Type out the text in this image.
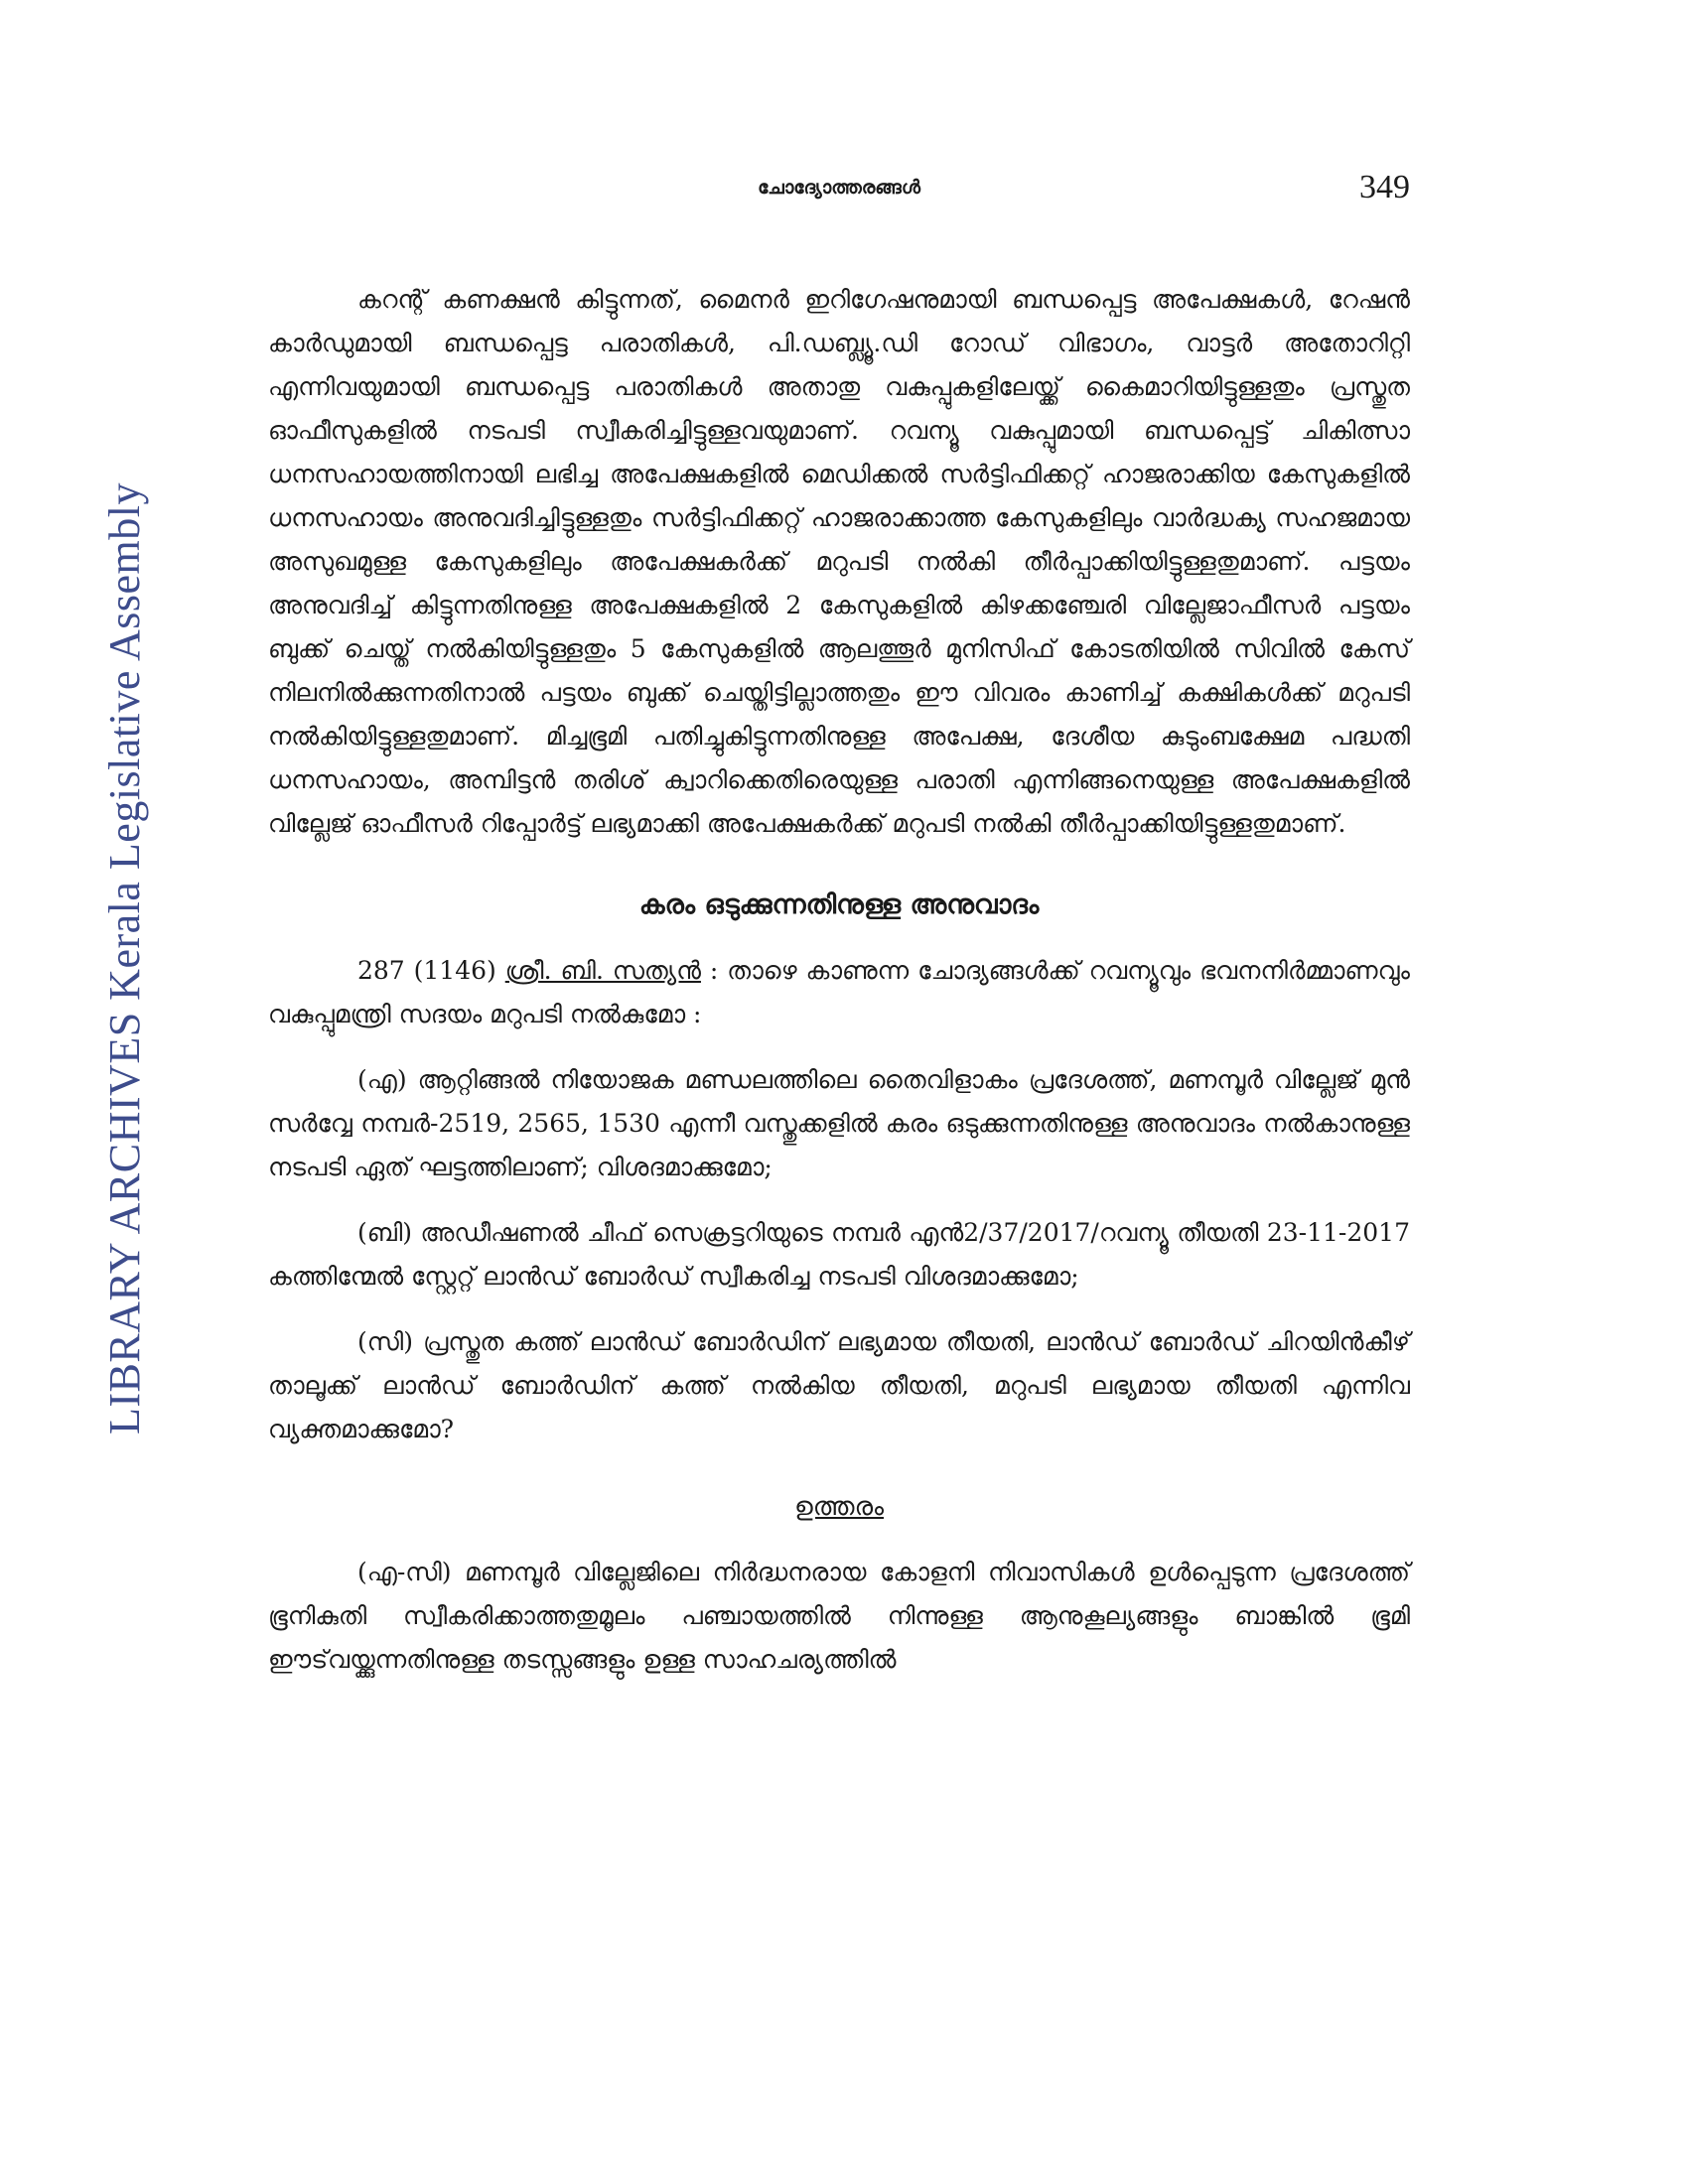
LIBRARY ARCHIVES Kerala Legislative Assembly
ചോദ്യോത്തരങ്ങൾ	349

കറന്റ് കണക്ഷൻ കിട്ടുന്നത്, മൈനർ ഇറിഗേഷനുമായി ബന്ധപ്പെട്ട അപേക്ഷകൾ, റേഷൻ കാർഡുമായി ബന്ധപ്പെട്ട പരാതികൾ, പി.ഡബ്ല്യൂ.ഡി റോഡ് വിഭാഗം, വാട്ടർ അതോറിറ്റി എന്നിവയുമായി ബന്ധപ്പെട്ട പരാതികൾ അതാതു വകുപ്പുകളിലേയ്ക്ക് കൈമാറിയിട്ടുള്ളതും പ്രസ്തുത ഓഫീസുകളിൽ നടപടി സ്വീകരിച്ചിട്ടുള്ളവയുമാണ്. റവന്യൂ വകുപ്പുമായി ബന്ധപ്പെട്ട് ചികിത്സാ ധനസഹായത്തിനായി ലഭിച്ച അപേക്ഷകളിൽ മെഡിക്കൽ സർട്ടിഫിക്കറ്റ് ഹാജരാക്കിയ കേസുകളിൽ ധനസഹായം അനുവദിച്ചിട്ടുള്ളതും സർട്ടിഫിക്കറ്റ് ഹാജരാക്കാത്ത കേസുകളിലും വാർദ്ധക്യ സഹജമായ അസുഖമുള്ള കേസുകളിലും അപേക്ഷകർക്ക് മറുപടി നൽകി തീർപ്പാക്കിയിട്ടുള്ളതുമാണ്. പട്ടയം അനുവദിച്ച് കിട്ടുന്നതിനുള്ള അപേക്ഷകളിൽ 2 കേസുകളിൽ കിഴക്കഞ്ചേരി വില്ലേജാഫീസർ പട്ടയം ബുക്ക് ചെയ്ത് നൽകിയിട്ടുള്ളതും 5 കേസുകളിൽ ആലത്തൂർ മുനിസിഫ് കോടതിയിൽ സിവിൽ കേസ് നിലനിൽക്കുന്നതിനാൽ പട്ടയം ബുക്ക് ചെയ്തിട്ടില്ലാത്തതും ഈ വിവരം കാണിച്ച് കക്ഷികൾക്ക് മറുപടി നൽകിയിട്ടുള്ളതുമാണ്. മിച്ചഭൂമി പതിച്ചുകിട്ടുന്നതിനുള്ള അപേക്ഷ, ദേശീയ കുടുംബക്ഷേമ പദ്ധതി ധനസഹായം, അമ്പിട്ടൻ തരിശ് ക്വാറിക്കെതിരെയുള്ള പരാതി എന്നിങ്ങനെയുള്ള അപേക്ഷകളിൽ വില്ലേജ് ഓഫീസർ റിപ്പോർട്ട് ലഭ്യമാക്കി അപേക്ഷകർക്ക് മറുപടി നൽകി തീർപ്പാക്കിയിട്ടുള്ളതുമാണ്.

കരം ഒടുക്കുന്നതിനുള്ള അനുവാദം

287 (1146) ശ്രീ. ബി. സത്യൻ : താഴെ കാണുന്ന ചോദ്യങ്ങൾക്ക് റവന്യൂവും ഭവനനിർമ്മാണവും വകുപ്പുമന്ത്രി സദയം മറുപടി നൽകുമോ :

(എ) ആറ്റിങ്ങൽ നിയോജക മണ്ഡലത്തിലെ തൈവിളാകം പ്രദേശത്ത്, മണമ്പൂർ വില്ലേജ് മുൻ സർവ്വേ നമ്പർ-2519, 2565, 1530 എന്നീ വസ്തുക്കളിൽ കരം ഒടുക്കുന്നതിനുള്ള അനുവാദം നൽകാനുള്ള നടപടി ഏത് ഘട്ടത്തിലാണ്; വിശദമാക്കുമോ;

(ബി) അഡീഷണൽ ചീഫ് സെക്രട്ടറിയുടെ നമ്പർ എൻ2/37/2017/റവന്യൂ തീയതി 23-11-2017 കത്തിന്മേൽ സ്റ്റേറ്റ് ലാൻഡ് ബോർഡ് സ്വീകരിച്ച നടപടി വിശദമാക്കുമോ;

(സി) പ്രസ്തുത കത്ത് ലാൻഡ് ബോർഡിന് ലഭ്യമായ തീയതി, ലാൻഡ് ബോർഡ് ചിറയിൻകീഴ് താലൂക്ക് ലാൻഡ് ബോർഡിന് കത്ത് നൽകിയ തീയതി, മറുപടി ലഭ്യമായ തീയതി എന്നിവ വ്യക്തമാക്കുമോ?

ഉത്തരം

(എ-സി) മണമ്പൂർ വില്ലേജിലെ നിർദ്ധനരായ കോളനി നിവാസികൾ ഉൾപ്പെടുന്ന പ്രദേശത്ത് ഭൂനികുതി സ്വീകരിക്കാത്തതുമൂലം പഞ്ചായത്തിൽ നിന്നുള്ള ആനുകൂല്യങ്ങളും ബാങ്കിൽ ഭൂമി ഈട്‌വയ്ക്കുന്നതിനുള്ള തടസ്സങ്ങളും ഉള്ള സാഹചര്യത്തിൽ
